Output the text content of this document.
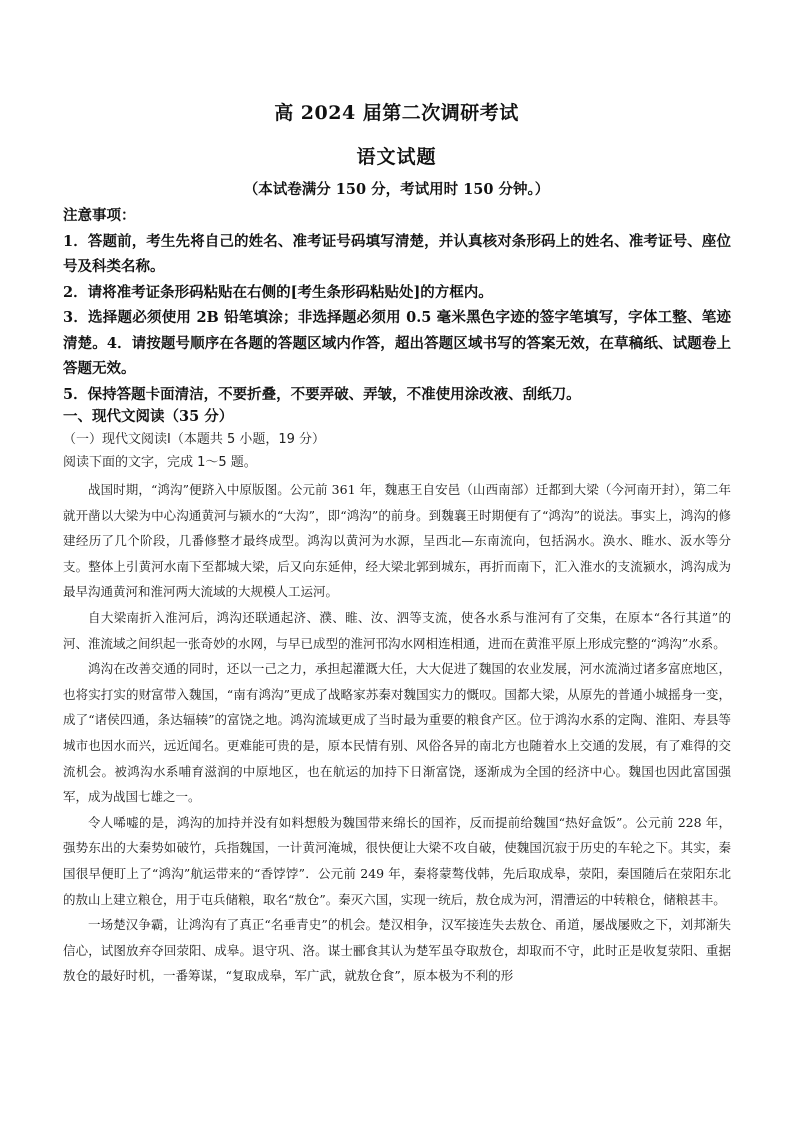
高 2024 届第二次调研考试
语文试题
（本试卷满分 150 分，考试用时 150 分钟。）

注意事项：

1．答题前，考生先将自己的姓名、准考证号码填写清楚，并认真核对条形码上的姓名、准考证号、座位号及科类名称。

2．请将准考证条形码粘贴在右侧的[考生条形码粘贴处]的方框内。

3．选择题必须使用 2B 铅笔填涂；非选择题必须用 0.5 毫米黑色字迹的签字笔填写，字体工整、笔迹清楚。4．请按题号顺序在各题的答题区域内作答，超出答题区域书写的答案无效，在草稿纸、试题卷上答题无效。

5．保持答题卡面清洁，不要折叠，不要弄破、弄皱，不准使用涂改液、刮纸刀。

一、现代文阅读（35 分）
（一）现代文阅读Ⅰ（本题共 5 小题，19 分）
阅读下面的文字，完成 1～5 题。

战国时期，“鸿沟”便跻入中原版图。公元前 361 年，魏惠王自安邑（山西南部）迁都到大梁（今河南开封），第二年就开凿以大梁为中心沟通黄河与颍水的“大沟”，即“鸿沟”的前身。到魏襄王时期便有了“鸿沟”的说法。事实上，鸿沟的修建经历了几个阶段，几番修整才最终成型。鸿沟以黄河为水源，呈西北—东南流向，包括涡水。涣水、睢水、汳水等分支。整体上引黄河水南下至都城大梁，后又向东延伸，经大梁北郭到城东，再折而南下，汇入淮水的支流颍水，鸿沟成为最早沟通黄河和淮河两大流域的大规模人工运河。

自大梁南折入淮河后，鸿沟还联通起济、濮、睢、汝、泗等支流，使各水系与淮河有了交集，在原本“各行其道”的河、淮流域之间织起一张奇妙的水网，与早已成型的淮河邗沟水网相连相通，进而在黄淮平原上形成完整的“鸿沟”水系。

鸿沟在改善交通的同时，还以一己之力，承担起灌溉大任，大大促进了魏国的农业发展，河水流淌过诸多富庶地区，也将实打实的财富带入魏国，“南有鸿沟”更成了战略家苏秦对魏国实力的慨叹。国都大梁，从原先的普通小城摇身一变，成了“诸侯四通，条达辐辏”的富饶之地。鸿沟流域更成了当时最为重要的粮食产区。位于鸿沟水系的定陶、淮阳、寿县等城市也因水而兴，远近闻名。更难能可贵的是，原本民情有别、风俗各异的南北方也随着水上交通的发展，有了难得的交流机会。被鸿沟水系哺育滋润的中原地区，也在航运的加持下日渐富饶，逐渐成为全国的经济中心。魏国也因此富国强军，成为战国七雄之一。

令人唏嘘的是，鸿沟的加持并没有如料想般为魏国带来绵长的国祚，反而提前给魏国“热好盒饭”。公元前 228 年，强势东出的大秦势如破竹，兵指魏国，一计黄河淹城，很快便让大梁不攻自破，使魏国沉寂于历史的车轮之下。其实，秦国很早便盯上了“鸿沟”航运带来的“香饽饽”．公元前 249 年，秦将蒙骜伐韩，先后取成皋，荥阳，秦国随后在荥阳东北的敖山上建立粮仓，用于屯兵储粮，取名“敖仓”。秦灭六国，实现一统后，敖仓成为河，渭漕运的中转粮仓，储粮甚丰。

一场楚汉争霸，让鸿沟有了真正“名垂青史”的机会。楚汉相争，汉军接连失去敖仓、甬道，屡战屡败之下，刘邦渐失信心，试图放弃夺回荥阳、成皋。退守巩、洛。谋士郦食其认为楚军虽夺取敖仓，却取而不守，此时正是收复荥阳、重据敖仓的最好时机，一番筹谋，“复取成皋，军广武，就敖仓食”，原本极为不利的形
